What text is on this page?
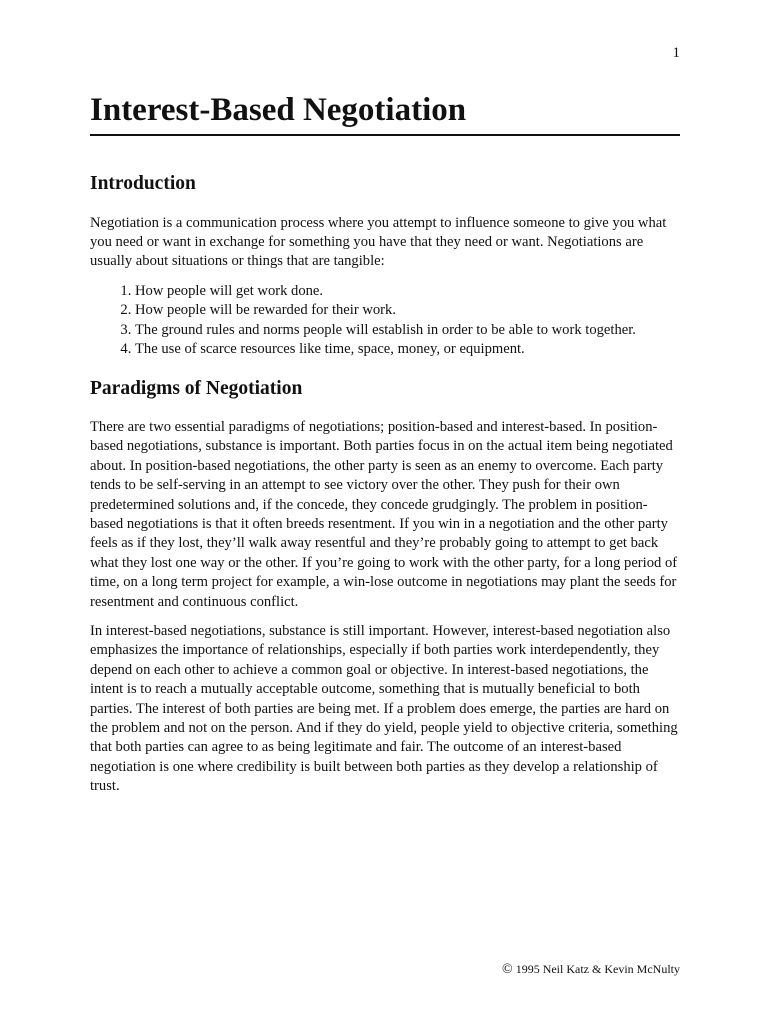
1
Interest-Based Negotiation
Introduction

Negotiation is a communication process where you attempt to influence someone to give you what you need or want in exchange for something you have that they need or want. Negotiations are usually about situations or things that are tangible:

1. How people will get work done.
2. How people will be rewarded for their work.
3. The ground rules and norms people will establish in order to be able to work together.
4. The use of scarce resources like time, space, money, or equipment.
Paradigms of Negotiation

There are two essential paradigms of negotiations; position-based and interest-based. In position-based negotiations, substance is important. Both parties focus in on the actual item being negotiated about. In position-based negotiations, the other party is seen as an enemy to overcome. Each party tends to be self-serving in an attempt to see victory over the other. They push for their own predetermined solutions and, if the concede, they concede grudgingly. The problem in position-based negotiations is that it often breeds resentment. If you win in a negotiation and the other party feels as if they lost, they’ll walk away resentful and they’re probably going to attempt to get back what they lost one way or the other. If you’re going to work with the other party, for a long period of time, on a long term project for example, a win-lose outcome in negotiations may plant the seeds for resentment and continuous conflict.

In interest-based negotiations, substance is still important. However, interest-based negotiation also emphasizes the importance of relationships, especially if both parties work interdependently, they depend on each other to achieve a common goal or objective. In interest-based negotiations, the intent is to reach a mutually acceptable outcome, something that is mutually beneficial to both parties. The interest of both parties are being met. If a problem does emerge, the parties are hard on the problem and not on the person. And if they do yield, people yield to objective criteria, something that both parties can agree to as being legitimate and fair. The outcome of an interest-based negotiation is one where credibility is built between both parties as they develop a relationship of trust.

© 1995 Neil Katz & Kevin McNulty
